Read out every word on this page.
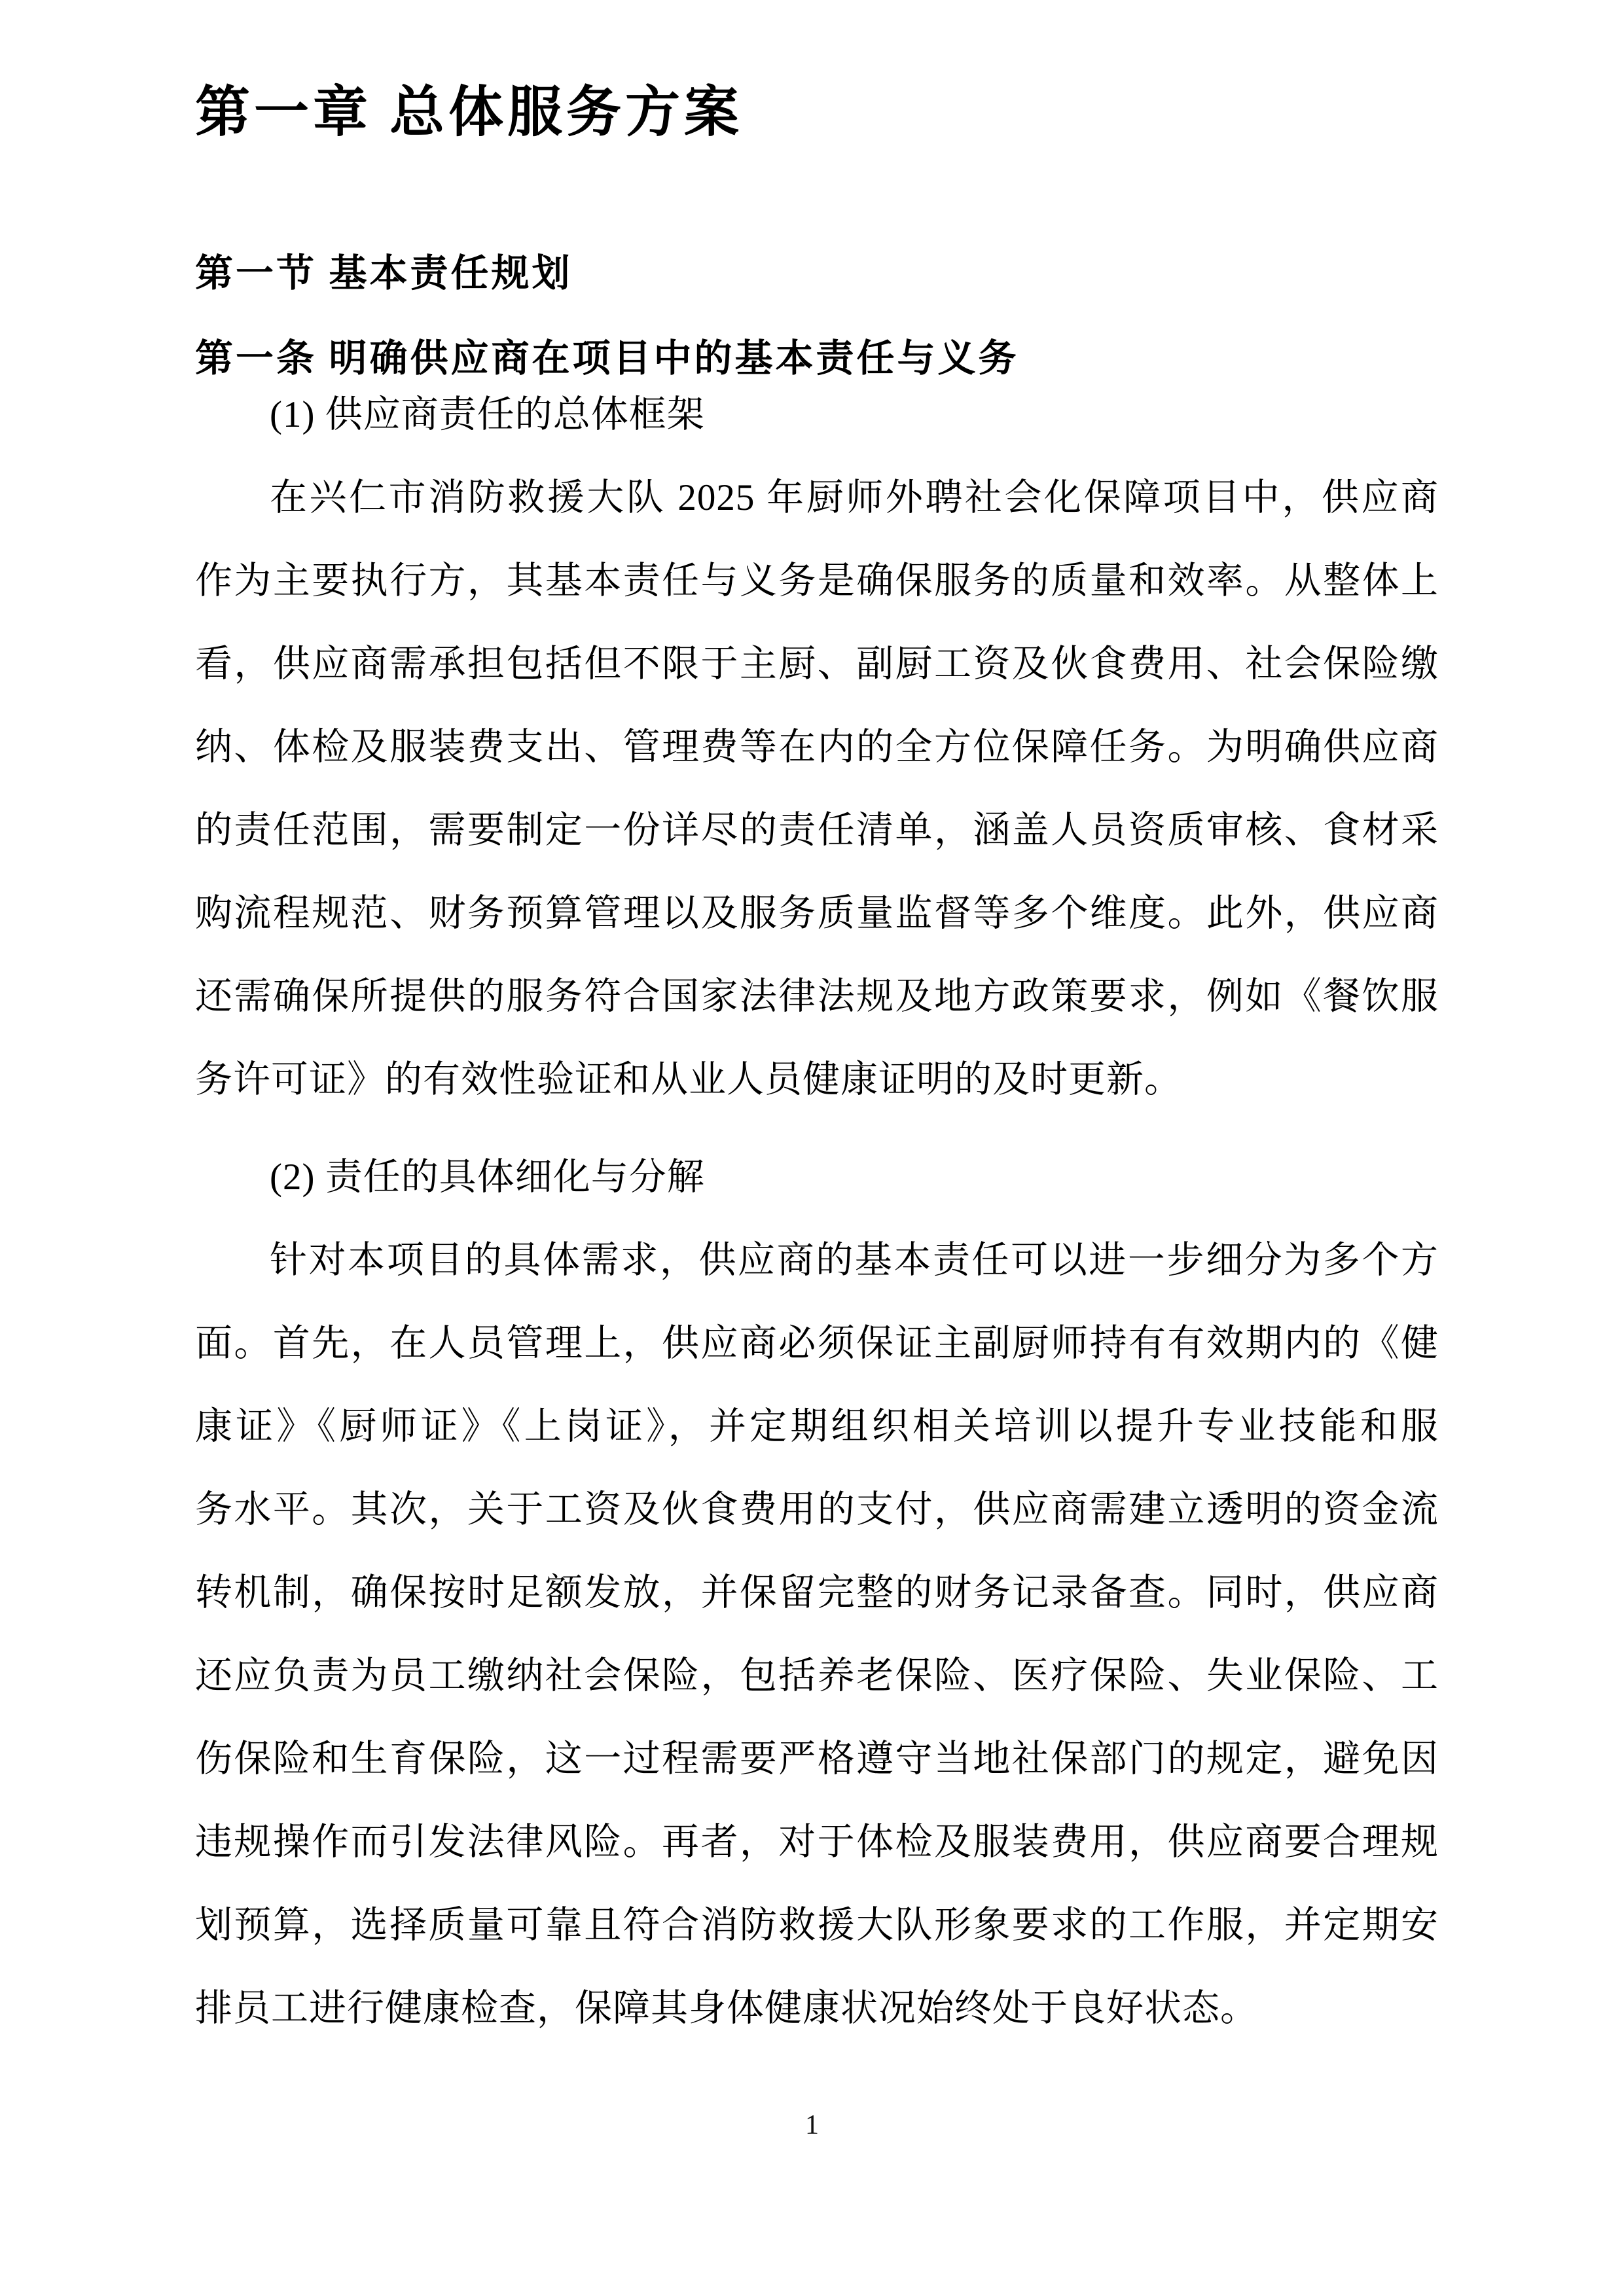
第一章 总体服务方案
第一节 基本责任规划
第一条 明确供应商在项目中的基本责任与义务
(1) 供应商责任的总体框架
在兴仁市消防救援大队 2025 年厨师外聘社会化保障项目中，供应商
作为主要执行方，其基本责任与义务是确保服务的质量和效率。从整体上
看，供应商需承担包括但不限于主厨、副厨工资及伙食费用、社会保险缴
纳、体检及服装费支出、管理费等在内的全方位保障任务。为明确供应商
的责任范围，需要制定一份详尽的责任清单，涵盖人员资质审核、食材采
购流程规范、财务预算管理以及服务质量监督等多个维度。此外，供应商
还需确保所提供的服务符合国家法律法规及地方政策要求，例如《餐饮服
务许可证》的有效性验证和从业人员健康证明的及时更新。
(2) 责任的具体细化与分解
针对本项目的具体需求，供应商的基本责任可以进一步细分为多个方
面。首先，在人员管理上，供应商必须保证主副厨师持有有效期内的《健
康证》《厨师证》《上岗证》，并定期组织相关培训以提升专业技能和服
务水平。其次，关于工资及伙食费用的支付，供应商需建立透明的资金流
转机制，确保按时足额发放，并保留完整的财务记录备查。同时，供应商
还应负责为员工缴纳社会保险，包括养老保险、医疗保险、失业保险、工
伤保险和生育保险，这一过程需要严格遵守当地社保部门的规定，避免因
违规操作而引发法律风险。再者，对于体检及服装费用，供应商要合理规
划预算，选择质量可靠且符合消防救援大队形象要求的工作服，并定期安
排员工进行健康检查，保障其身体健康状况始终处于良好状态。
1
